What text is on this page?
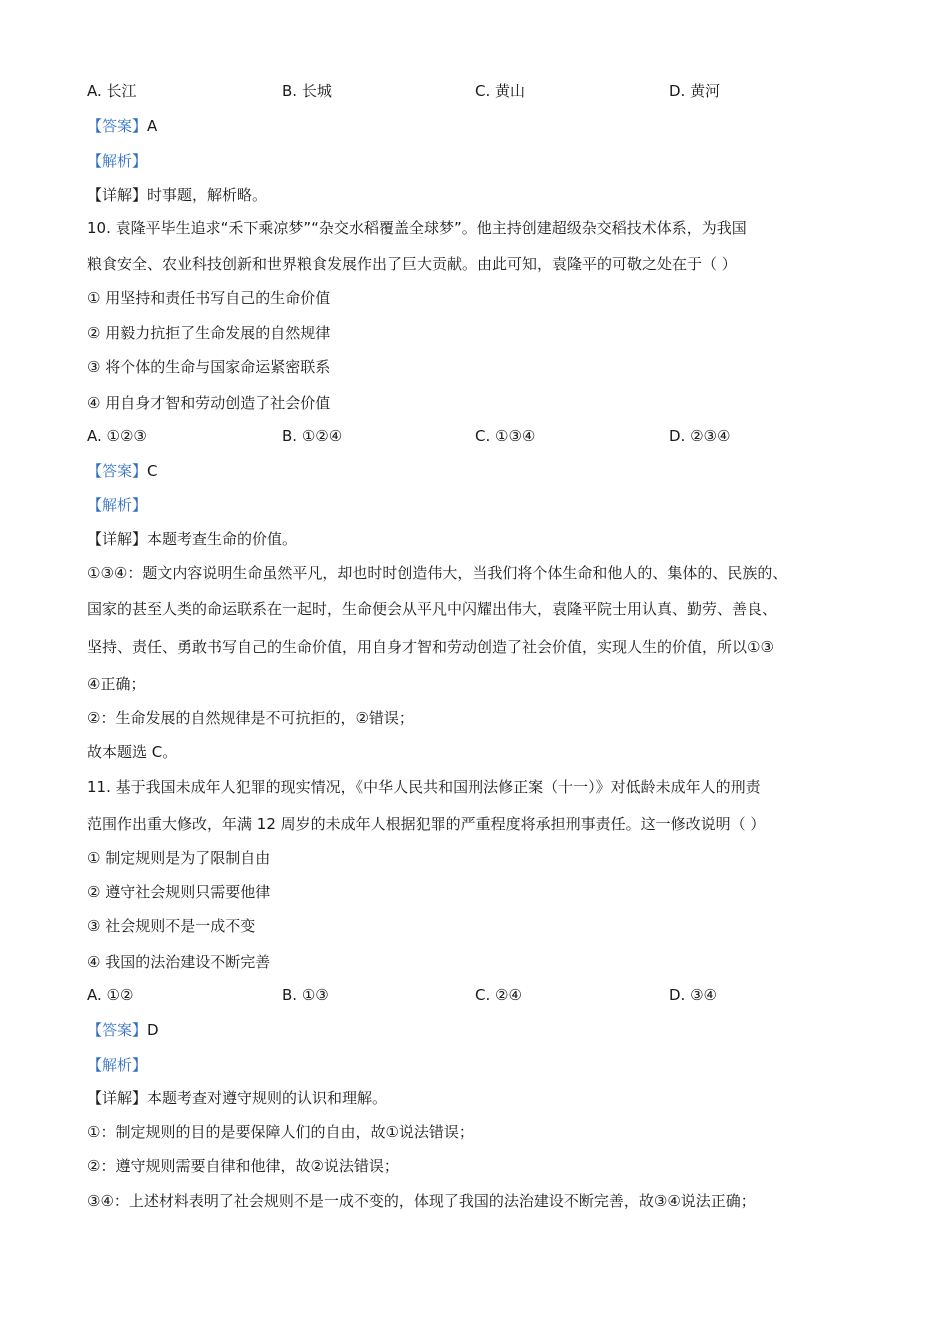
A. 长江	B. 长城	C. 黄山	D. 黄河
【答案】A
【解析】
【详解】时事题，解析略。
10. 袁隆平毕生追求“禾下乘凉梦”“杂交水稻覆盖全球梦”。他主持创建超级杂交稻技术体系，为我国
粮食安全、农业科技创新和世界粮食发展作出了巨大贡献。由此可知，袁隆平的可敬之处在于（ ）
① 用坚持和责任书写自己的生命价值
② 用毅力抗拒了生命发展的自然规律
③ 将个体的生命与国家命运紧密联系
④ 用自身才智和劳动创造了社会价值
A. ①②③	B. ①②④	C. ①③④	D. ②③④
【答案】C
【解析】
【详解】本题考查生命的价值。
①③④：题文内容说明生命虽然平凡，却也时时创造伟大，当我们将个体生命和他人的、集体的、民族的、
国家的甚至人类的命运联系在一起时，生命便会从平凡中闪耀出伟大，袁隆平院士用认真、勤劳、善良、
坚持、责任、勇敢书写自己的生命价值，用自身才智和劳动创造了社会价值，实现人生的价值，所以①③
④正确；
②：生命发展的自然规律是不可抗拒的，②错误；
故本题选 C。
11. 基于我国未成年人犯罪的现实情况，《中华人民共和国刑法修正案（十一）》对低龄未成年人的刑责
范围作出重大修改，年满 12 周岁的未成年人根据犯罪的严重程度将承担刑事责任。这一修改说明（ ）
① 制定规则是为了限制自由
② 遵守社会规则只需要他律
③ 社会规则不是一成不变
④ 我国的法治建设不断完善
A. ①②	B. ①③	C. ②④	D. ③④
【答案】D
【解析】
【详解】本题考查对遵守规则的认识和理解。
①：制定规则的目的是要保障人们的自由，故①说法错误；
②：遵守规则需要自律和他律，故②说法错误；
③④：上述材料表明了社会规则不是一成不变的，体现了我国的法治建设不断完善，故③④说法正确；
